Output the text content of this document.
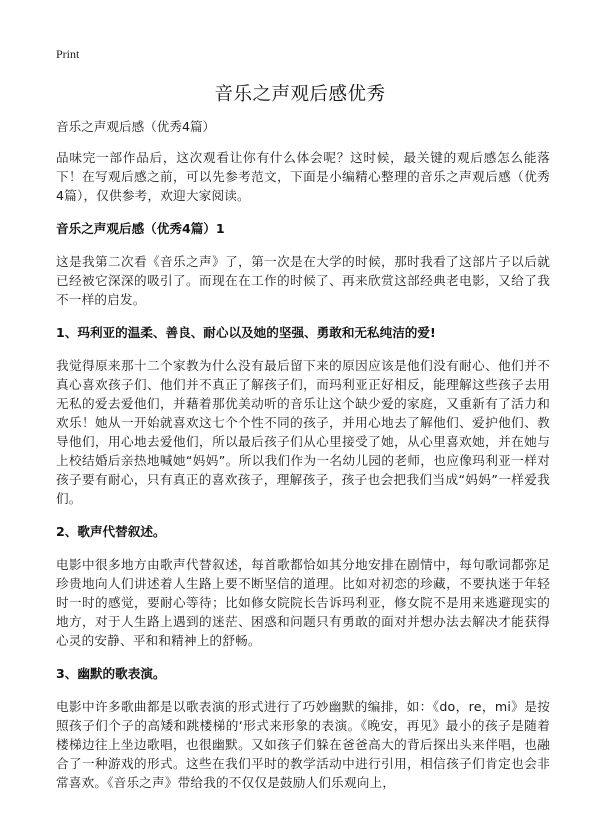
Print
音乐之声观后感优秀
音乐之声观后感（优秀4篇）

品味完一部作品后，这次观看让你有什么体会呢？这时候，最关键的观后感怎么能落下！在写观后感之前，可以先参考范文，下面是小编精心整理的音乐之声观后感（优秀4篇），仅供参考，欢迎大家阅读。

音乐之声观后感（优秀4篇）1

这是我第二次看《音乐之声》了，第一次是在大学的时候，那时我看了这部片子以后就已经被它深深的吸引了。而现在在工作的时候了、再来欣赏这部经典老电影，又给了我不一样的启发。

1、玛利亚的温柔、善良、耐心以及她的坚强、勇敢和无私纯洁的爱!

我觉得原来那十二个家教为什么没有最后留下来的原因应该是他们没有耐心、他们并不真心喜欢孩子们、他们并不真正了解孩子们，而玛利亚正好相反，能理解这些孩子去用无私的爱去爱他们，并藉着那优美动听的音乐让这个缺少爱的家庭，又重新有了活力和欢乐！她从一开始就喜欢这七个个性不同的孩子，并用心地去了解他们、爱护他们、教导他们，用心地去爱他们，所以最后孩子们从心里接受了她，从心里喜欢她，并在她与上校结婚后亲热地喊她“妈妈”。所以我们作为一名幼儿园的老师，也应像玛利亚一样对孩子要有耐心，只有真正的喜欢孩子，理解孩子，孩子也会把我们当成“妈妈”一样爱我们。

2、歌声代替叙述。

电影中很多地方由歌声代替叙述，每首歌都恰如其分地安排在剧情中，每句歌词都弥足珍贵地向人们讲述着人生路上要不断坚信的道理。比如对初恋的珍藏，不要执迷于年轻时一时的感觉，要耐心等待；比如修女院院长告诉玛利亚，修女院不是用来逃避现实的地方，对于人生路上遇到的迷茫、困惑和问题只有勇敢的面对并想办法去解决才能获得心灵的安静、平和和精神上的舒畅。

3、幽默的歌表演。

电影中许多歌曲都是以歌表演的形式进行了巧妙幽默的编排，如：《do，re，mi》是按照孩子们个子的高矮和跳楼梯的‘形式来形象的表演。《晚安，再见》最小的孩子是随着楼梯边往上坐边歌唱，也很幽默。又如孩子们躲在爸爸高大的背后探出头来伴唱，也融合了一种游戏的形式。这些在我们平时的教学活动中进行引用，相信孩子们肯定也会非常喜欢。《音乐之声》带给我的不仅仅是鼓励人们乐观向上，
